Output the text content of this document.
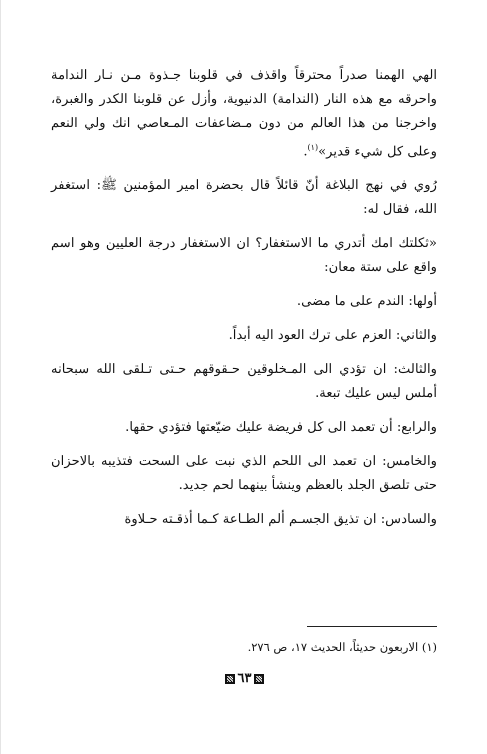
الهي الهمنا صدراً محترقاً واقذف في قلوبنا جـذوة مـن نـار الندامة واحرقه مع هذه النار (الندامة) الدنيوية، وأزل عن قلوبنا الكدر والغبرة، واخرجنا من هذا العالم من دون مـضاعفات المـعاصي انك ولي النعم وعلى كل شيء قدير»$^{(١)}$.

رُوي في نهج البلاغة أنّ قائلاً قال بحضرة امير المؤمنين ﷺ: استغفر الله، فقال له:

«ثكلتك امك أتدري ما الاستغفار؟ ان الاستغفار درجة العليين وهو اسم واقع على ستة معان:

أولها: الندم على ما مضى.

والثاني: العزم على ترك العود اليه أبداً.

والثالث: ان تؤدي الى المـخلوقين حـقوقهم حـتى تـلقى الله سبحانه أملس ليس عليك تبعة.

والرابع: أن تعمد الى كل فريضة عليك ضيّعتها فتؤدي حقها.

والخامس: ان تعمد الى اللحم الذي نبت على السحت فتذيبه بالاحزان حتى تلصق الجلد بالعظم وينشأ بينهما لحم جديد.

والسادس: ان تذيق الجسـم ألم الطـاعة كـما أذقـته حـلاوة

(١) الاربعون حديثاً، الحديث ١٧، ص ٢٧٦.
٦٣
